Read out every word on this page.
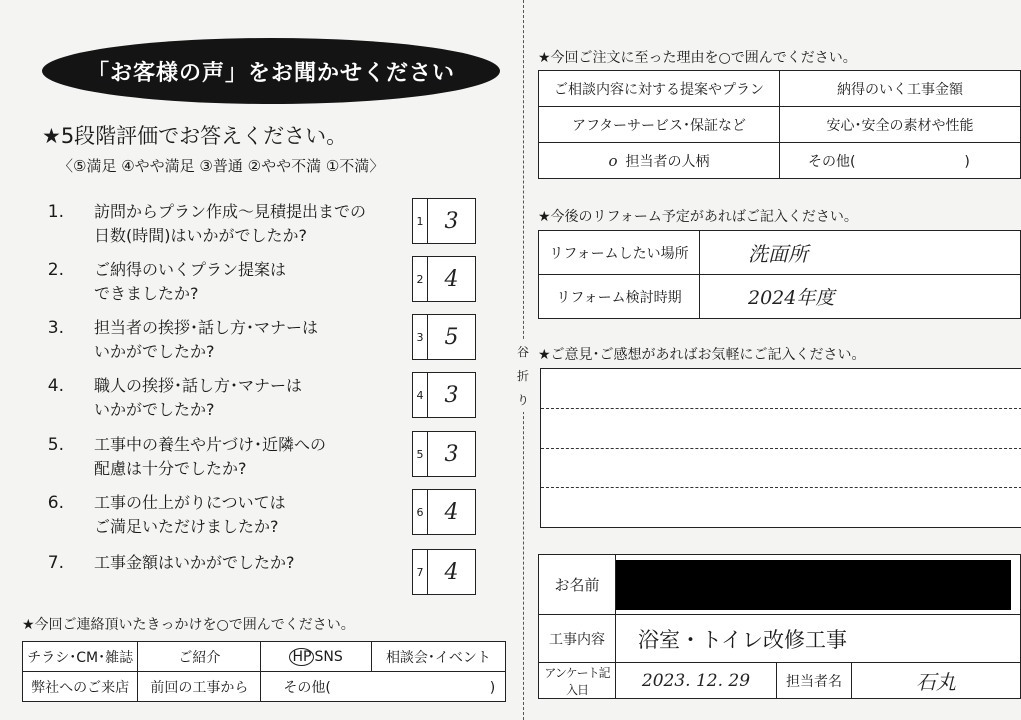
谷
折
り
「お客様の声」をお聞かせください
★5段階評価でお答えください。
〈⑤満足 ④やや満足 ③普通 ②やや不満 ①不満〉
1. 訪問からプラン作成～見積提出までの
日数(時間)はいかがでしたか?
1 3
2. ご納得のいくプラン提案は
できましたか?
2 4
3. 担当者の挨拶･話し方･マナーは
いかがでしたか?
3 5
4. 職人の挨拶･話し方･マナーは
いかがでしたか?
4 3
5. 工事中の養生や片づけ･近隣への
配慮は十分でしたか?
5 3
6. 工事の仕上がりについては
ご満足いただけましたか?
6 4
7. 工事金額はいかがでしたか?	7 4
★今回ご連絡頂いたきっかけを○で囲んでください。
チラシ･CM･雑誌	ご紹介	HP SNS	相談会･イベント
弊社へのご来店	前回の工事から	その他( )	
★今回ご注文に至った理由を○で囲んでください。
ご相談内容に対する提案やプラン	納得のいく工事金額
アフターサービス･保証など	安心･安全の素材や性能
o 担当者の人柄	その他( )
★今後のリフォーム予定があればご記入ください。
リフォームしたい場所	洗面所
リフォーム検討時期	2024年度
★ご意見･ご感想があればお気軽にご記入ください。
お名前			

工事内容	浴室・トイレ改修工事		
アンケート記入日	2023. 12. 29	担当者名	石丸
